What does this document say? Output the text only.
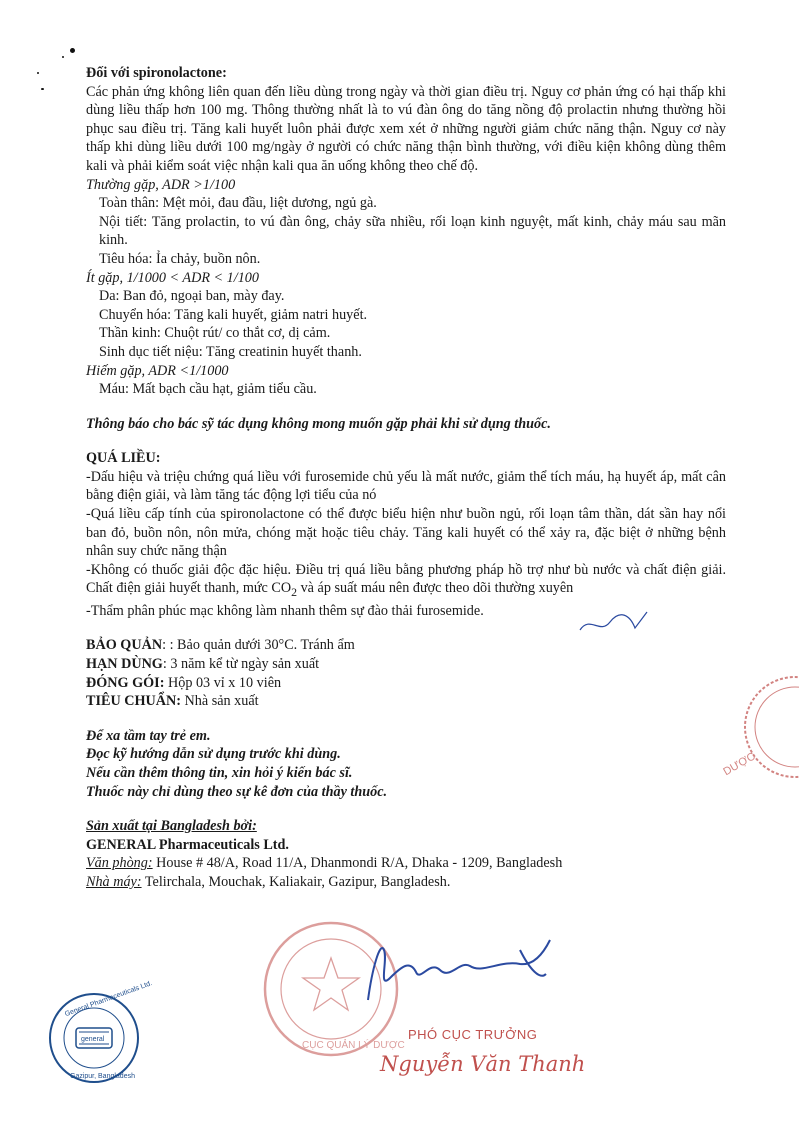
Đối với spironolactone:

Các phản ứng không liên quan đến liều dùng trong ngày và thời gian điều trị. Nguy cơ phản ứng có hại thấp khi dùng liều thấp hơn 100 mg. Thông thường nhất là to vú đàn ông do tăng nồng độ prolactin nhưng thường hồi phục sau điều trị. Tăng kali huyết luôn phải được xem xét ở những người giảm chức năng thận. Nguy cơ này thấp khi dùng liều dưới 100 mg/ngày ở người có chức năng thận bình thường, với điều kiện không dùng thêm kali và phải kiểm soát việc nhận kali qua ăn uống không theo chế độ.

Thường gặp, ADR >1/100

Toàn thân: Mệt mỏi, đau đầu, liệt dương, ngủ gà.

Nội tiết: Tăng prolactin, to vú đàn ông, chảy sữa nhiều, rối loạn kinh nguyệt, mất kinh, chảy máu sau mãn kinh.

Tiêu hóa: Ỉa chảy, buồn nôn.

Ít gặp, 1/1000 < ADR < 1/100

Da: Ban đỏ, ngoại ban, mày đay.

Chuyển hóa: Tăng kali huyết, giảm natri huyết.

Thần kinh: Chuột rút/ co thắt cơ, dị cảm.

Sinh dục tiết niệu: Tăng creatinin huyết thanh.

Hiếm gặp, ADR <1/1000

Máu: Mất bạch cầu hạt, giảm tiểu cầu.

Thông báo cho bác sỹ tác dụng không mong muốn gặp phải khi sử dụng thuốc.

QUÁ LIỀU:

-Dấu hiệu và triệu chứng quá liều với furosemide chủ yếu là mất nước, giảm thể tích máu, hạ huyết áp, mất cân bằng điện giải, và làm tăng tác động lợi tiểu của nó

-Quá liều cấp tính của spironolactone có thể được biểu hiện như buồn ngủ, rối loạn tâm thần, dát sần hay nổi ban đỏ, buồn nôn, nôn mửa, chóng mặt hoặc tiêu chảy. Tăng kali huyết có thể xảy ra, đặc biệt ở những bệnh nhân suy chức năng thận

-Không có thuốc giải độc đặc hiệu. Điều trị quá liều bằng phương pháp hồ trợ như bù nước và chất điện giải. Chất điện giải huyết thanh, mức $CO_2$ và áp suất máu nên được theo dõi thường xuyên

-Thẩm phân phúc mạc không làm nhanh thêm sự đào thải furosemide.

BẢO QUẢN: : Bảo quản dưới 30°C. Tránh ẩm

HẠN DÙNG: 3 năm kể từ ngày sản xuất

ĐÓNG GÓI: Hộp 03 vỉ x 10 viên

TIÊU CHUẨN: Nhà sản xuất

Để xa tầm tay trẻ em.

Đọc kỹ hướng dẫn sử dụng trước khi dùng.

Nếu cần thêm thông tin, xin hỏi ý kiến bác sĩ.

Thuốc này chỉ dùng theo sự kê đơn của thầy thuốc.

Sản xuất tại Bangladesh bởi:

GENERAL Pharmaceuticals Ltd.

Văn phòng: House # 48/A, Road 11/A, Dhanmondi R/A, Dhaka - 1209, Bangladesh

Nhà máy: Telirchala, Mouchak, Kaliakair, Gazipur, Bangladesh.

DƯỢC
CỤC QUẢN LÝ DƯỢC
PHÓ CỤC TRƯỞNG
Nguyễn Văn Thanh
general
General Pharmaceuticals Ltd.
Gazipur, Bangladesh
